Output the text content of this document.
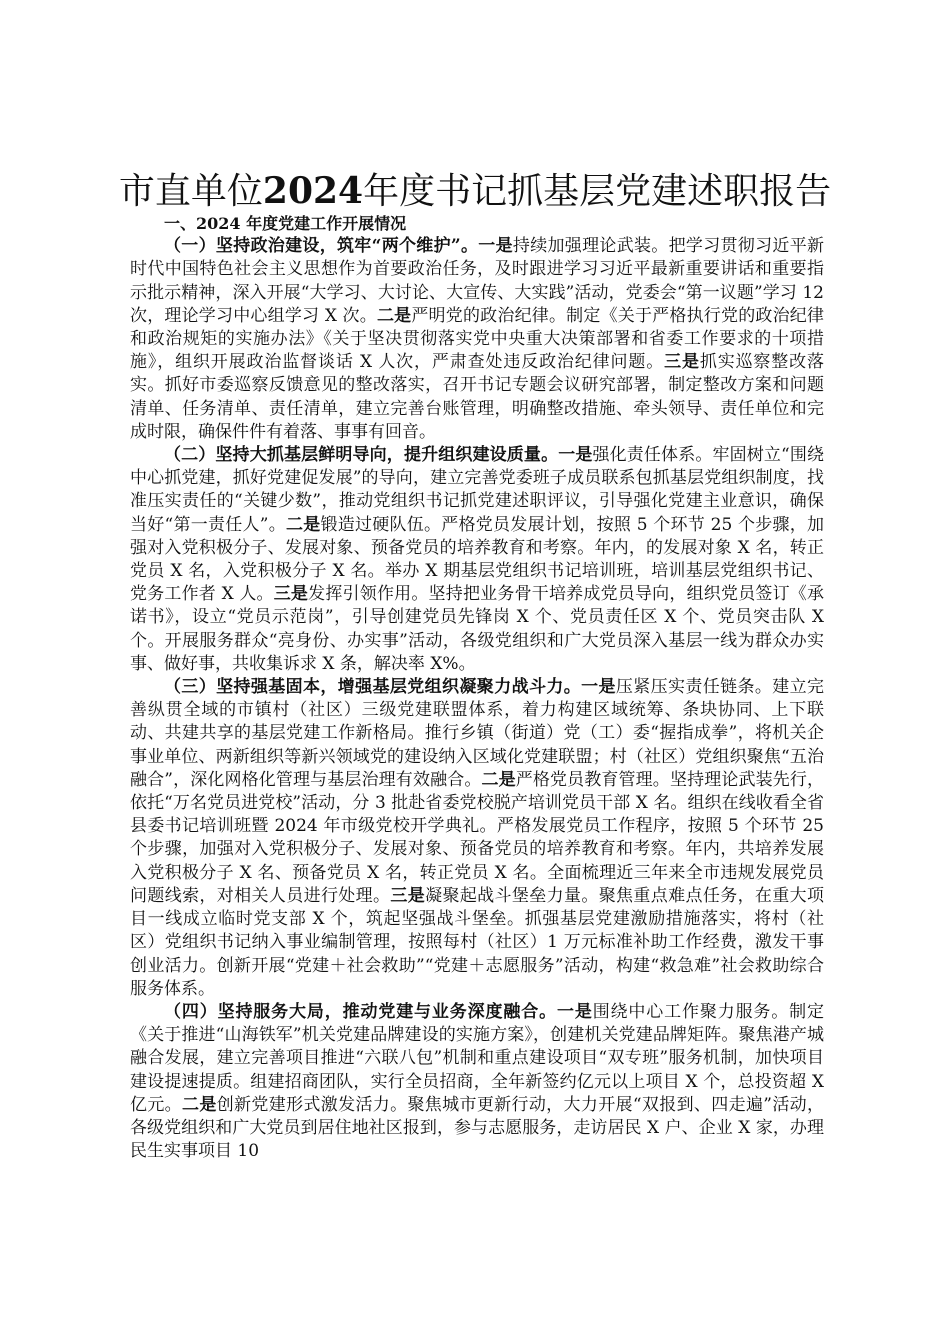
市直单位2024年度书记抓基层党建述职报告

一、2024 年度党建工作开展情况

（一）坚持政治建设，筑牢“两个维护”。一是持续加强理论武装。把学习贯彻习近平新时代中国特色社会主义思想作为首要政治任务，及时跟进学习习近平最新重要讲话和重要指示批示精神，深入开展“大学习、大讨论、大宣传、大实践”活动，党委会“第一议题”学习 12 次，理论学习中心组学习 X 次。二是严明党的政治纪律。制定《关于严格执行党的政治纪律和政治规矩的实施办法》《关于坚决贯彻落实党中央重大决策部署和省委工作要求的十项措施》，组织开展政治监督谈话 X 人次，严肃查处违反政治纪律问题。三是抓实巡察整改落实。抓好市委巡察反馈意见的整改落实，召开书记专题会议研究部署，制定整改方案和问题清单、任务清单、责任清单，建立完善台账管理，明确整改措施、牵头领导、责任单位和完成时限，确保件件有着落、事事有回音。

（二）坚持大抓基层鲜明导向，提升组织建设质量。一是强化责任体系。牢固树立“围绕中心抓党建，抓好党建促发展”的导向，建立完善党委班子成员联系包抓基层党组织制度，找准压实责任的“关键少数”，推动党组织书记抓党建述职评议，引导强化党建主业意识，确保当好“第一责任人”。二是锻造过硬队伍。严格党员发展计划，按照 5 个环节 25 个步骤，加强对入党积极分子、发展对象、预备党员的培养教育和考察。年内，的发展对象 X 名，转正党员 X 名，入党积极分子 X 名。举办 X 期基层党组织书记培训班，培训基层党组织书记、党务工作者 X 人。三是发挥引领作用。坚持把业务骨干培养成党员导向，组织党员签订《承诺书》，设立“党员示范岗”，引导创建党员先锋岗 X 个、党员责任区 X 个、党员突击队 X 个。开展服务群众“亮身份、办实事”活动，各级党组织和广大党员深入基层一线为群众办实事、做好事，共收集诉求 X 条，解决率 X%。

（三）坚持强基固本，增强基层党组织凝聚力战斗力。一是压紧压实责任链条。建立完善纵贯全域的市镇村（社区）三级党建联盟体系，着力构建区域统筹、条块协同、上下联动、共建共享的基层党建工作新格局。推行乡镇（街道）党（工）委“握指成拳”，将机关企事业单位、两新组织等新兴领域党的建设纳入区域化党建联盟；村（社区）党组织聚焦“五治融合”，深化网格化管理与基层治理有效融合。二是严格党员教育管理。坚持理论武装先行，依托“万名党员进党校”活动，分 3 批赴省委党校脱产培训党员干部 X 名。组织在线收看全省县委书记培训班暨 2024 年市级党校开学典礼。严格发展党员工作程序，按照 5 个环节 25 个步骤，加强对入党积极分子、发展对象、预备党员的培养教育和考察。年内，共培养发展入党积极分子 X 名、预备党员 X 名，转正党员 X 名。全面梳理近三年来全市违规发展党员问题线索，对相关人员进行处理。三是凝聚起战斗堡垒力量。聚焦重点难点任务，在重大项目一线成立临时党支部 X 个，筑起坚强战斗堡垒。抓强基层党建激励措施落实，将村（社区）党组织书记纳入事业编制管理，按照每村（社区）1 万元标准补助工作经费，激发干事创业活力。创新开展“党建＋社会救助”“党建＋志愿服务”活动，构建“救急难”社会救助综合服务体系。

（四）坚持服务大局，推动党建与业务深度融合。一是围绕中心工作聚力服务。制定《关于推进“山海铁军”机关党建品牌建设的实施方案》，创建机关党建品牌矩阵。聚焦港产城融合发展，建立完善项目推进“六联八包”机制和重点建设项目“双专班”服务机制，加快项目建设提速提质。组建招商团队，实行全员招商，全年新签约亿元以上项目 X 个，总投资超 X 亿元。二是创新党建形式激发活力。聚焦城市更新行动，大力开展“双报到、四走遍”活动，各级党组织和广大党员到居住地社区报到，参与志愿服务，走访居民 X 户、企业 X 家，办理民生实事项目 10
